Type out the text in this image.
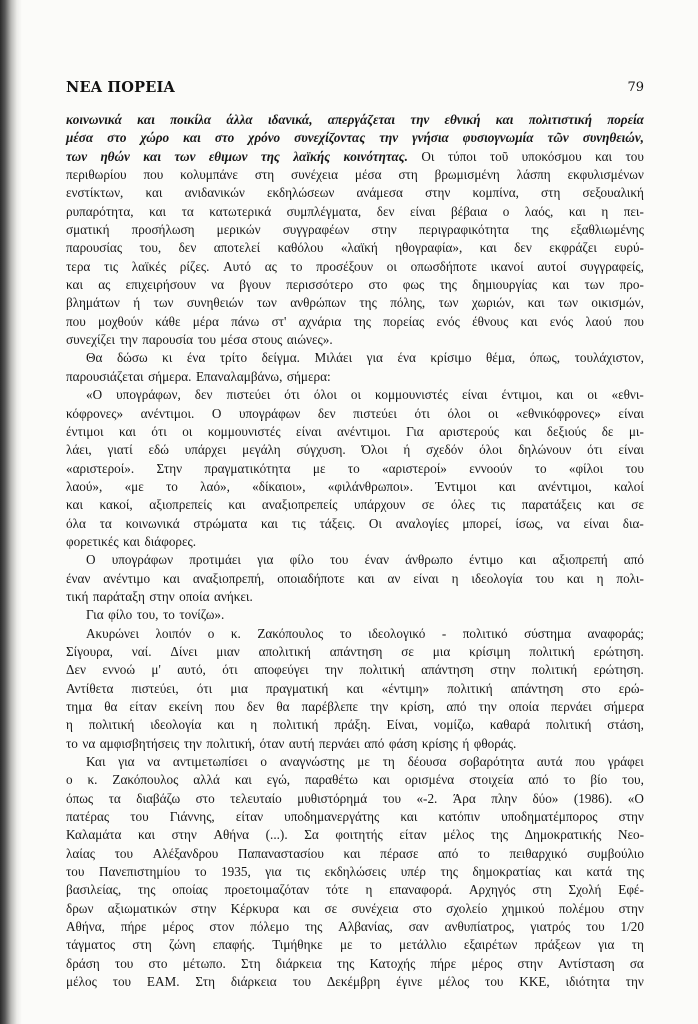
ΝΕΑ ΠΟΡΕΙΑ	79
κοινωνικά και ποικίλα άλλα ιδανικά, απεργάζεται την εθνική και πολιτιστική πορεία
μέσα στο χώρο και στο χρόνο συνεχίζοντας την γνήσια φυσιογνωμία τῶν συνηθειών,
των ηθών και των εθιμων της λαϊκής κοινότητας. Οι τύποι τοῦ υποκόσμου και του
περιθωρίου που κολυμπάνε στη συνέχεια μέσα στη βρωμισμένη λάσπη εκφυλισμένων
ενστίκτων, και ανιδανικών εκδηλώσεων ανάμεσα στην κομπίνα, στη σεξουαλική
ρυπαρότητα, και τα κατωτερικά συμπλέγματα, δεν είναι βέβαια ο λαός, και η πει-
σματική προσήλωση μερικών συγγραφέων στην περιγραφικότητα της εξαθλιωμένης
παρουσίας του, δεν αποτελεί καθόλου «λαϊκή ηθογραφία», και δεν εκφράζει ευρύ-
τερα τις λαϊκές ρίζες. Αυτό ας το προσέξουν οι οπωσδήποτε ικανοί αυτοί συγγραφείς,
και ας επιχειρήσουν να βγουν περισσότερο στο φως της δημιουργίας και των προ-
βλημάτων ή των συνηθειών των ανθρώπων της πόλης, των χωριών, και των οικισμών,
που μοχθούν κάθε μέρα πάνω στ' αχνάρια της πορείας ενός έθνους και ενός λαού που
συνεχίζει την παρουσία του μέσα στους αιώνες».
Θα δώσω κι ένα τρίτο δείγμα. Μιλάει για ένα κρίσιμο θέμα, όπως, τουλάχιστον,
παρουσιάζεται σήμερα. Επαναλαμβάνω, σήμερα:
«Ο υπογράφων, δεν πιστεύει ότι όλοι οι κομμουνιστές είναι έντιμοι, και οι «εθνι-
κόφρονες» ανέντιμοι. Ο υπογράφων δεν πιστεύει ότι όλοι οι «εθνικόφρονες» είναι
έντιμοι και ότι οι κομμουνιστές είναι ανέντιμοι. Για αριστερούς και δεξιούς δε μι-
λάει, γιατί εδώ υπάρχει μεγάλη σύγχυση. Όλοι ή σχεδόν όλοι δηλώνουν ότι είναι
«αριστεροί». Στην πραγματικότητα με το «αριστεροί» εννοούν το «φίλοι του
λαού», «με το λαό», «δίκαιοι», «φιλάνθρωποι». Έντιμοι και ανέντιμοι, καλοί
και κακοί, αξιοπρεπείς και αναξιοπρεπείς υπάρχουν σε όλες τις παρατάξεις και σε
όλα τα κοινωνικά στρώματα και τις τάξεις. Οι αναλογίες μπορεί, ίσως, να είναι δια-
φορετικές και διάφορες.
Ο υπογράφων προτιμάει για φίλο του έναν άνθρωπο έντιμο και αξιοπρεπή από
έναν ανέντιμο και αναξιοπρεπή, οποιαδήποτε και αν είναι η ιδεολογία του και η πολι-
τική παράταξη στην οποία ανήκει.
Για φίλο του, το τονίζω».
Ακυρώνει λοιπόν ο κ. Ζακόπουλος το ιδεολογικό - πολιτικό σύστημα αναφοράς;
Σίγουρα, ναί. Δίνει μιαν απολιτική απάντηση σε μια κρίσιμη πολιτική ερώτηση.
Δεν εννοώ μ' αυτό, ότι αποφεύγει την πολιτική απάντηση στην πολιτική ερώτηση.
Αντίθετα πιστεύει, ότι μια πραγματική και «έντιμη» πολιτική απάντηση στο ερώ-
τημα θα είταν εκείνη που δεν θα παρέβλεπε την κρίση, από την οποία περνάει σήμερα
η πολιτική ιδεολογία και η πολιτική πράξη. Είναι, νομίζω, καθαρά πολιτική στάση,
το να αμφισβητήσεις την πολιτική, όταν αυτή περνάει από φάση κρίσης ή φθοράς.
Και για να αντιμετωπίσει ο αναγνώστης με τη δέουσα σοβαρότητα αυτά που γράφει
ο κ. Ζακόπουλος αλλά και εγώ, παραθέτω και ορισμένα στοιχεία από το βίο του,
όπως τα διαβάζω στο τελευταίο μυθιστόρημά του «-2. Άρα πλην δύο» (1986). «Ο
πατέρας του Γιάννης, είταν υποδημανεργάτης και κατόπιν υποδηματέμπορος στην
Καλαμάτα και στην Αθήνα (...). Σα φοιτητής είταν μέλος της Δημοκρατικής Νεο-
λαίας του Αλέξανδρου Παπαναστασίου και πέρασε από το πειθαρχικό συμβούλιο
του Πανεπιστημίου το 1935, για τις εκδηλώσεις υπέρ της δημοκρατίας και κατά της
βασιλείας, της οποίας προετοιμαζόταν τότε η επαναφορά. Αρχηγός στη Σχολή Εφέ-
δρων αξιωματικών στην Κέρκυρα και σε συνέχεια στο σχολείο χημικού πολέμου στην
Αθήνα, πήρε μέρος στον πόλεμο της Αλβανίας, σαν ανθυπίατρος, γιατρός του 1/20
τάγματος στη ζώνη επαφής. Τιμήθηκε με το μετάλλιο εξαιρέτων πράξεων για τη
δράση του στο μέτωπο. Στη διάρκεια της Κατοχής πήρε μέρος στην Αντίσταση σα
μέλος του ΕΑΜ. Στη διάρκεια του Δεκέμβρη έγινε μέλος του ΚΚΕ, ιδιότητα την
